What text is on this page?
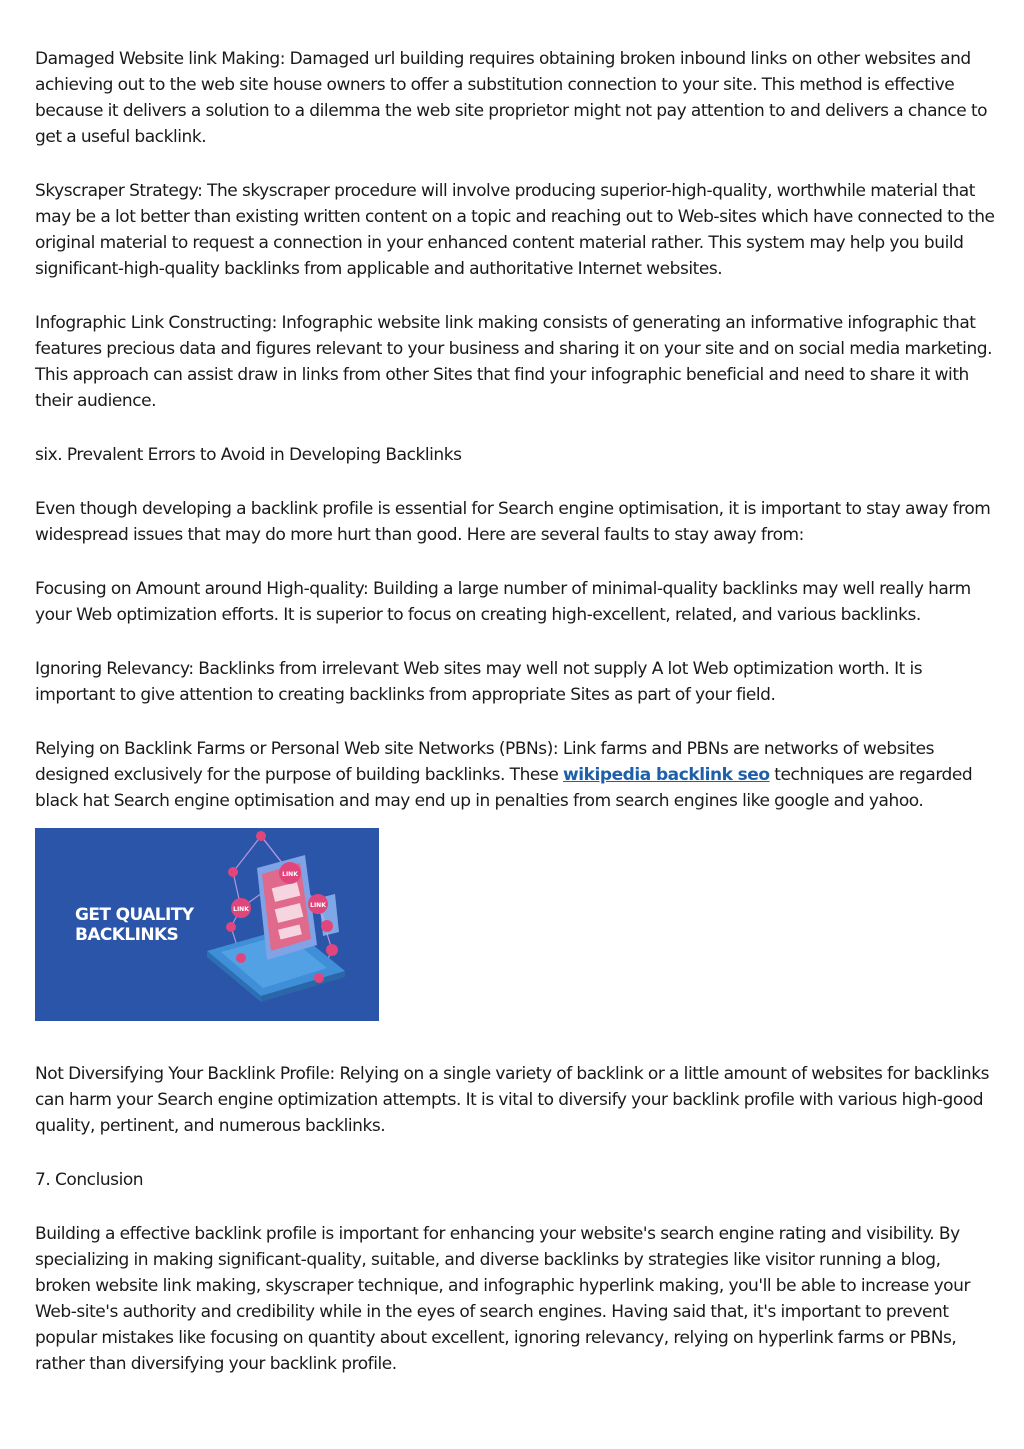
Damaged Website link Making: Damaged url building requires obtaining broken inbound links on other websites and achieving out to the web site house owners to offer a substitution connection to your site. This method is effective because it delivers a solution to a dilemma the web site proprietor might not pay attention to and delivers a chance to get a useful backlink.

Skyscraper Strategy: The skyscraper procedure will involve producing superior-high-quality, worthwhile material that may be a lot better than existing written content on a topic and reaching out to Web-sites which have connected to the original material to request a connection in your enhanced content material rather. This system may help you build significant-high-quality backlinks from applicable and authoritative Internet websites.

Infographic Link Constructing: Infographic website link making consists of generating an informative infographic that features precious data and figures relevant to your business and sharing it on your site and on social media marketing. This approach can assist draw in links from other Sites that find your infographic beneficial and need to share it with their audience.

six. Prevalent Errors to Avoid in Developing Backlinks

Even though developing a backlink profile is essential for Search engine optimisation, it is important to stay away from widespread issues that may do more hurt than good. Here are several faults to stay away from:

Focusing on Amount around High-quality: Building a large number of minimal-quality backlinks may well really harm your Web optimization efforts. It is superior to focus on creating high-excellent, related, and various backlinks.

Ignoring Relevancy: Backlinks from irrelevant Web sites may well not supply A lot Web optimization worth. It is important to give attention to creating backlinks from appropriate Sites as part of your field.

Relying on Backlink Farms or Personal Web site Networks (PBNs): Link farms and PBNs are networks of websites designed exclusively for the purpose of building backlinks. These wikipedia backlink seo techniques are regarded black hat Search engine optimisation and may end up in penalties from search engines like google and yahoo.

LINK
LINK
LINK
GET QUALITY
BACKLINKS

Not Diversifying Your Backlink Profile: Relying on a single variety of backlink or a little amount of websites for backlinks can harm your Search engine optimization attempts. It is vital to diversify your backlink profile with various high-good quality, pertinent, and numerous backlinks.

7. Conclusion

Building a effective backlink profile is important for enhancing your website's search engine rating and visibility. By specializing in making significant-quality, suitable, and diverse backlinks by strategies like visitor running a blog, broken website link making, skyscraper technique, and infographic hyperlink making, you'll be able to increase your Web-site's authority and credibility while in the eyes of search engines. Having said that, it's important to prevent popular mistakes like focusing on quantity about excellent, ignoring relevancy, relying on hyperlink farms or PBNs, rather than diversifying your backlink profile.
